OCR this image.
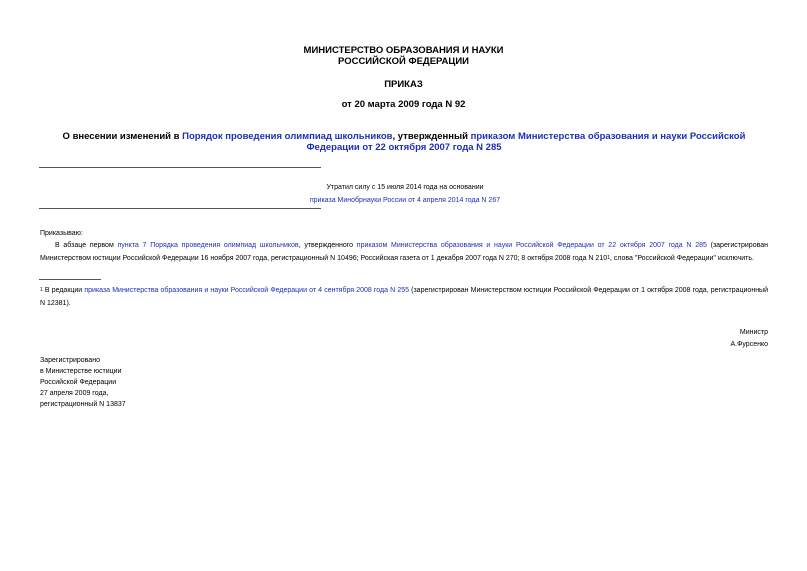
МИНИСТЕРСТВО ОБРАЗОВАНИЯ И НАУКИ
РОССИЙСКОЙ ФЕДЕРАЦИИ
ПРИКАЗ
от 20 марта 2009 года N 92
О внесении изменений в Порядок проведения олимпиад школьников, утвержденный приказом Министерства образования и науки Российской Федерации от 22 октября 2007 года N 285
Утратил силу с 15 июля 2014 года на основании
приказа Минобрнауки России от 4 апреля 2014 года N 267
Приказываю:
В абзаце первом пункта 7 Порядка проведения олимпиад школьников, утвержденного приказом Министерства образования и науки Российской Федерации от 22 октября 2007 года N 285 (зарегистрирован Министерством юстиции Российской Федерации 16 ноября 2007 года, регистрационный N 10496; Российская газета от 1 декабря 2007 года N 270; 8 октября 2008 года N 210$^1$, слова "Российской Федерации" исключить.
$^1$ В редакции приказа Министерства образования и науки Российской Федерации от 4 сентября 2008 года N 255 (зарегистрирован Министерством юстиции Российской Федерации от 1 октября 2008 года, регистрационный N 12381).
Министр
А.Фурсенко
Зарегистрировано
в Министерстве юстиции
Российской Федерации
27 апреля 2009 года,
регистрационный N 13837
